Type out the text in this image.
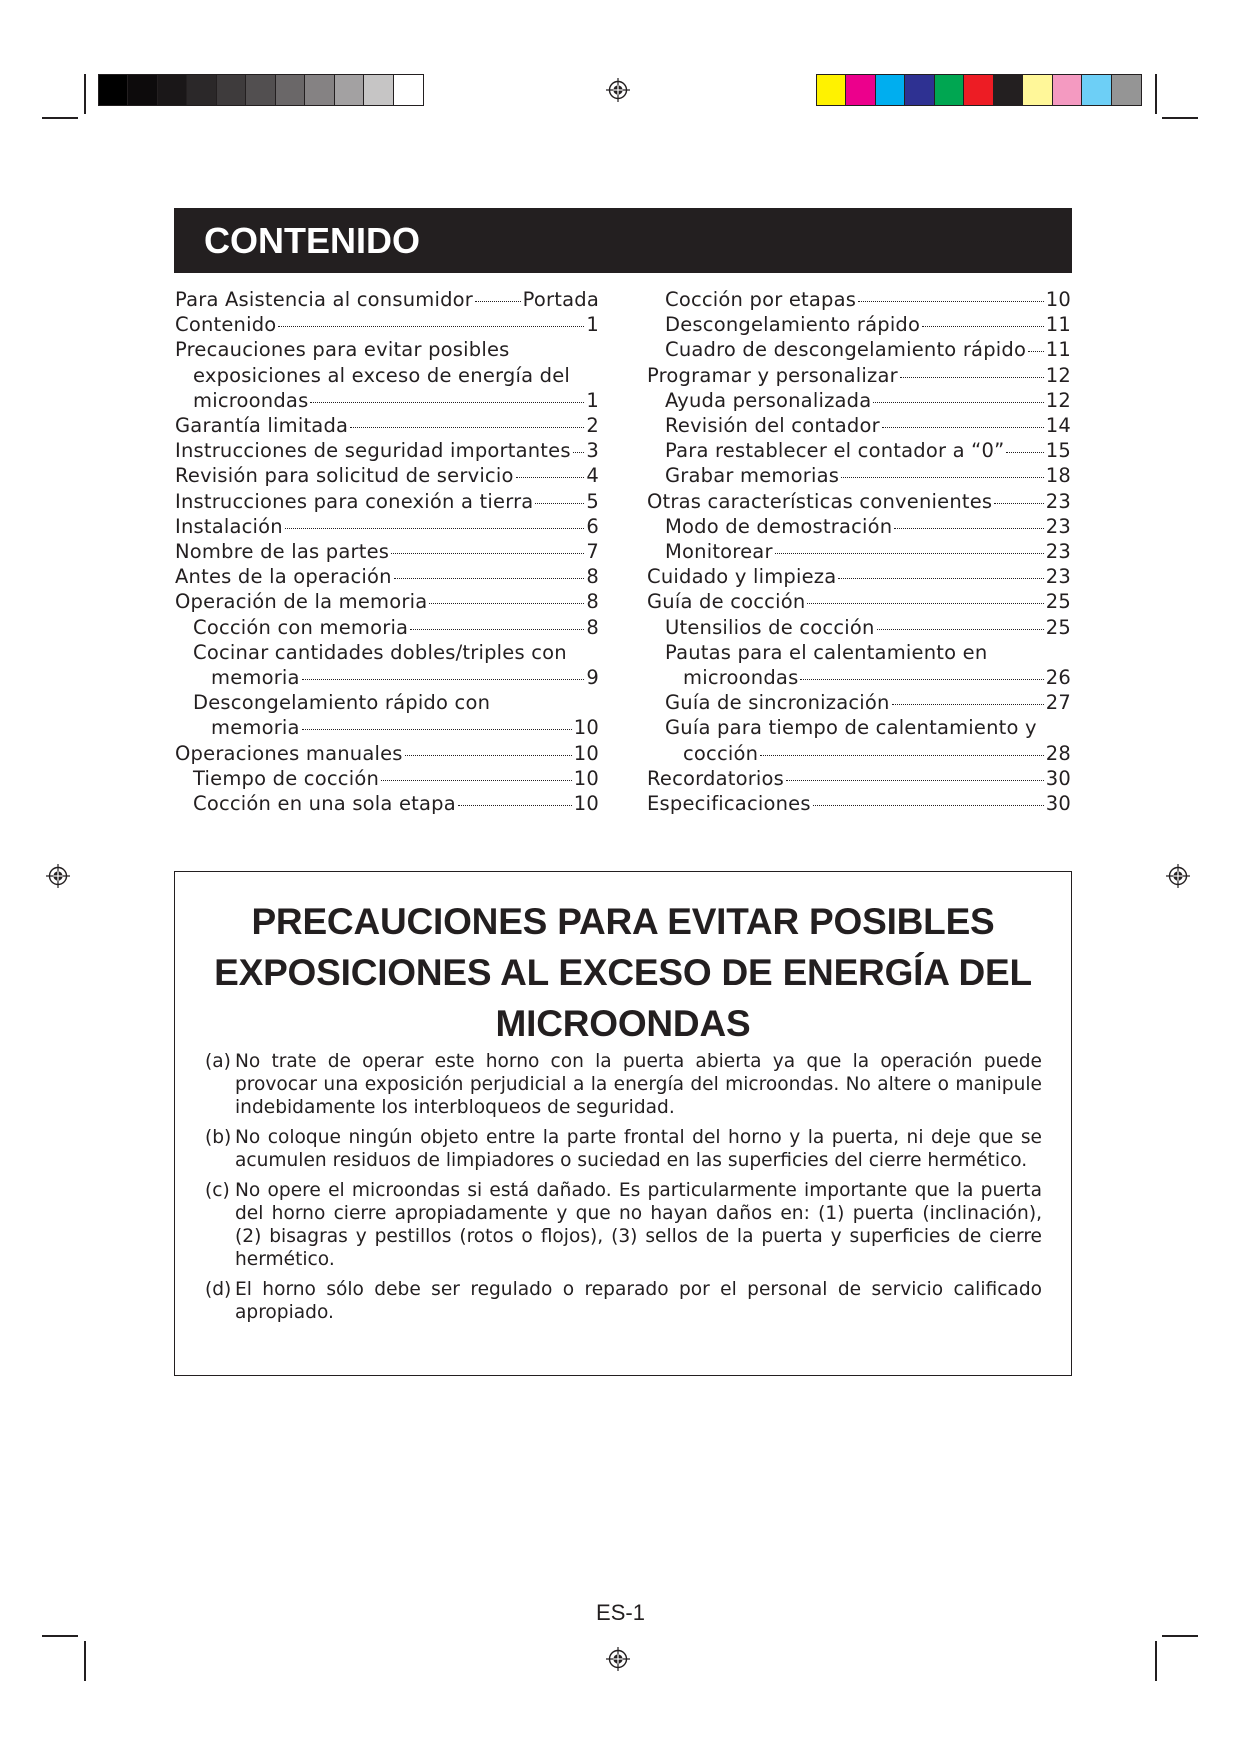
CONTENIDO
Para Asistencia al consumidor	Portada
Contenido	1
Precauciones para evitar posibles
exposiciones al exceso de energía del
microondas	1
Garantía limitada	2
Instrucciones de seguridad importantes 3
Revisión para solicitud de servicio	4
Instrucciones para conexión a tierra	5
Instalación	6
Nombre de las partes	7
Antes de la operación	8
Operación de la memoria	8
Cocción con memoria	8
Cocinar cantidades dobles/triples con
memoria	9
Descongelamiento rápido con
memoria	10
Operaciones manuales	10
Tiempo de cocción	10
Cocción en una sola etapa	10
Cocción por etapas	10
Descongelamiento rápido	11
Cuadro de descongelamiento rápido 11
Programar y personalizar	12
Ayuda personalizada	12
Revisión del contador	14
Para restablecer el contador a “0” 15
Grabar memorias	18
Otras características convenientes	23
Modo de demostración	23
Monitorear	23
Cuidado y limpieza	23
Guía de cocción	25
Utensilios de cocción	25
Pautas para el calentamiento en
microondas	26
Guía de sincronización	27
Guía para tiempo de calentamiento y
cocción	28
Recordatorios	30
Especificaciones	30
PRECAUCIONES PARA EVITAR POSIBLES
EXPOSICIONES AL EXCESO DE ENERGÍA DEL
MICROONDAS
(a) No trate de operar este horno con la puerta abierta ya que la operación puede provocar una exposición perjudicial a la energía del microondas. No altere o manipule indebidamente los interbloqueos de seguridad.
(b) No coloque ningún objeto entre la parte frontal del horno y la puerta, ni deje que se acumulen residuos de limpiadores o suciedad en las superficies del cierre hermético.
(c) No opere el microondas si está dañado. Es particularmente importante que la puerta del horno cierre apropiadamente y que no hayan daños en: (1) puerta (inclinación), (2) bisagras y pestillos (rotos o flojos), (3) sellos de la puerta y superficies de cierre hermético.
(d) El horno sólo debe ser regulado o reparado por el personal de servicio calificado apropiado.
ES-1
